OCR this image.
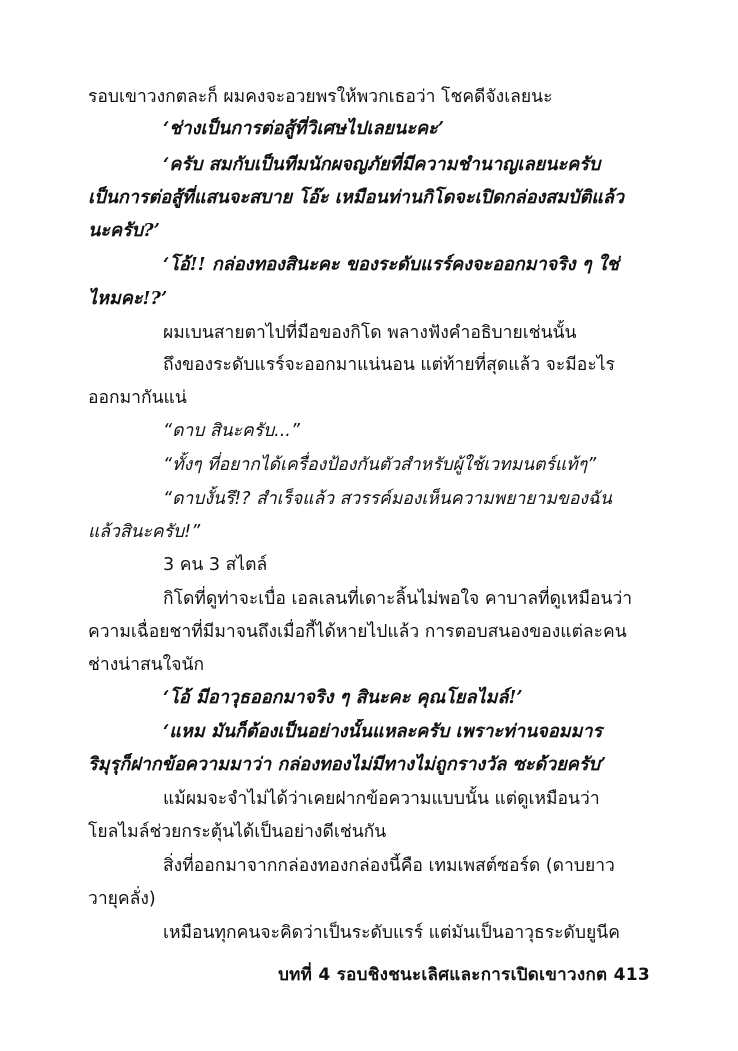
รอบเขาวงกตละก็ ผมคงจะอวยพรให้พวกเธอว่า โชคดีจังเลยนะ
‘ช่างเป็นการต่อสู้ที่วิเศษไปเลยนะคะ’
‘ครับ สมกับเป็นทีมนักผจญภัยที่มีความชำนาญเลยนะครับ
เป็นการต่อสู้ที่แสนจะสบาย โอ๊ะ เหมือนท่านกิโดจะเปิดกล่องสมบัติแล้ว
นะครับ?’
‘โอ้!! กล่องทองสินะคะ ของระดับแรร์คงจะออกมาจริง ๆ ใช่
ไหมคะ!?’
ผมเบนสายตาไปที่มือของกิโด พลางฟังคำอธิบายเช่นนั้น
ถึงของระดับแรร์จะออกมาแน่นอน แต่ท้ายที่สุดแล้ว จะมีอะไร
ออกมากันแน่
“ดาบ สินะครับ...”
“ทั้งๆ ที่อยากได้เครื่องป้องกันตัวสำหรับผู้ใช้เวทมนตร์แท้ๆ”
“ดาบงั้นรึ!? สำเร็จแล้ว สวรรค์มองเห็นความพยายามของฉัน
แล้วสินะครับ!”
3 คน 3 สไตล์
กิโดที่ดูท่าจะเบื่อ เอลเลนที่เดาะลิ้นไม่พอใจ คาบาลที่ดูเหมือนว่า
ความเฉื่อยชาที่มีมาจนถึงเมื่อกี้ได้หายไปแล้ว การตอบสนองของแต่ละคน
ช่างน่าสนใจนัก
‘โอ้ มีอาวุธออกมาจริง ๆ สินะคะ คุณโยลไมล์!’
‘แหม มันก็ต้องเป็นอย่างนั้นแหละครับ เพราะท่านจอมมาร
ริมุรุก็ฝากข้อความมาว่า กล่องทองไม่มีทางไม่ถูกรางวัล ซะด้วยครับ’
แม้ผมจะจำไม่ได้ว่าเคยฝากข้อความแบบนั้น แต่ดูเหมือนว่า
โยลไมล์ช่วยกระตุ้นได้เป็นอย่างดีเช่นกัน
สิ่งที่ออกมาจากกล่องทองกล่องนี้คือ เทมเพสต์ซอร์ด (ดาบยาว
วายุคลั่ง)
เหมือนทุกคนจะคิดว่าเป็นระดับแรร์ แต่มันเป็นอาวุธระดับยูนีค
บทที่ 4 รอบชิงชนะเลิศและการเปิดเขาวงกต 413
